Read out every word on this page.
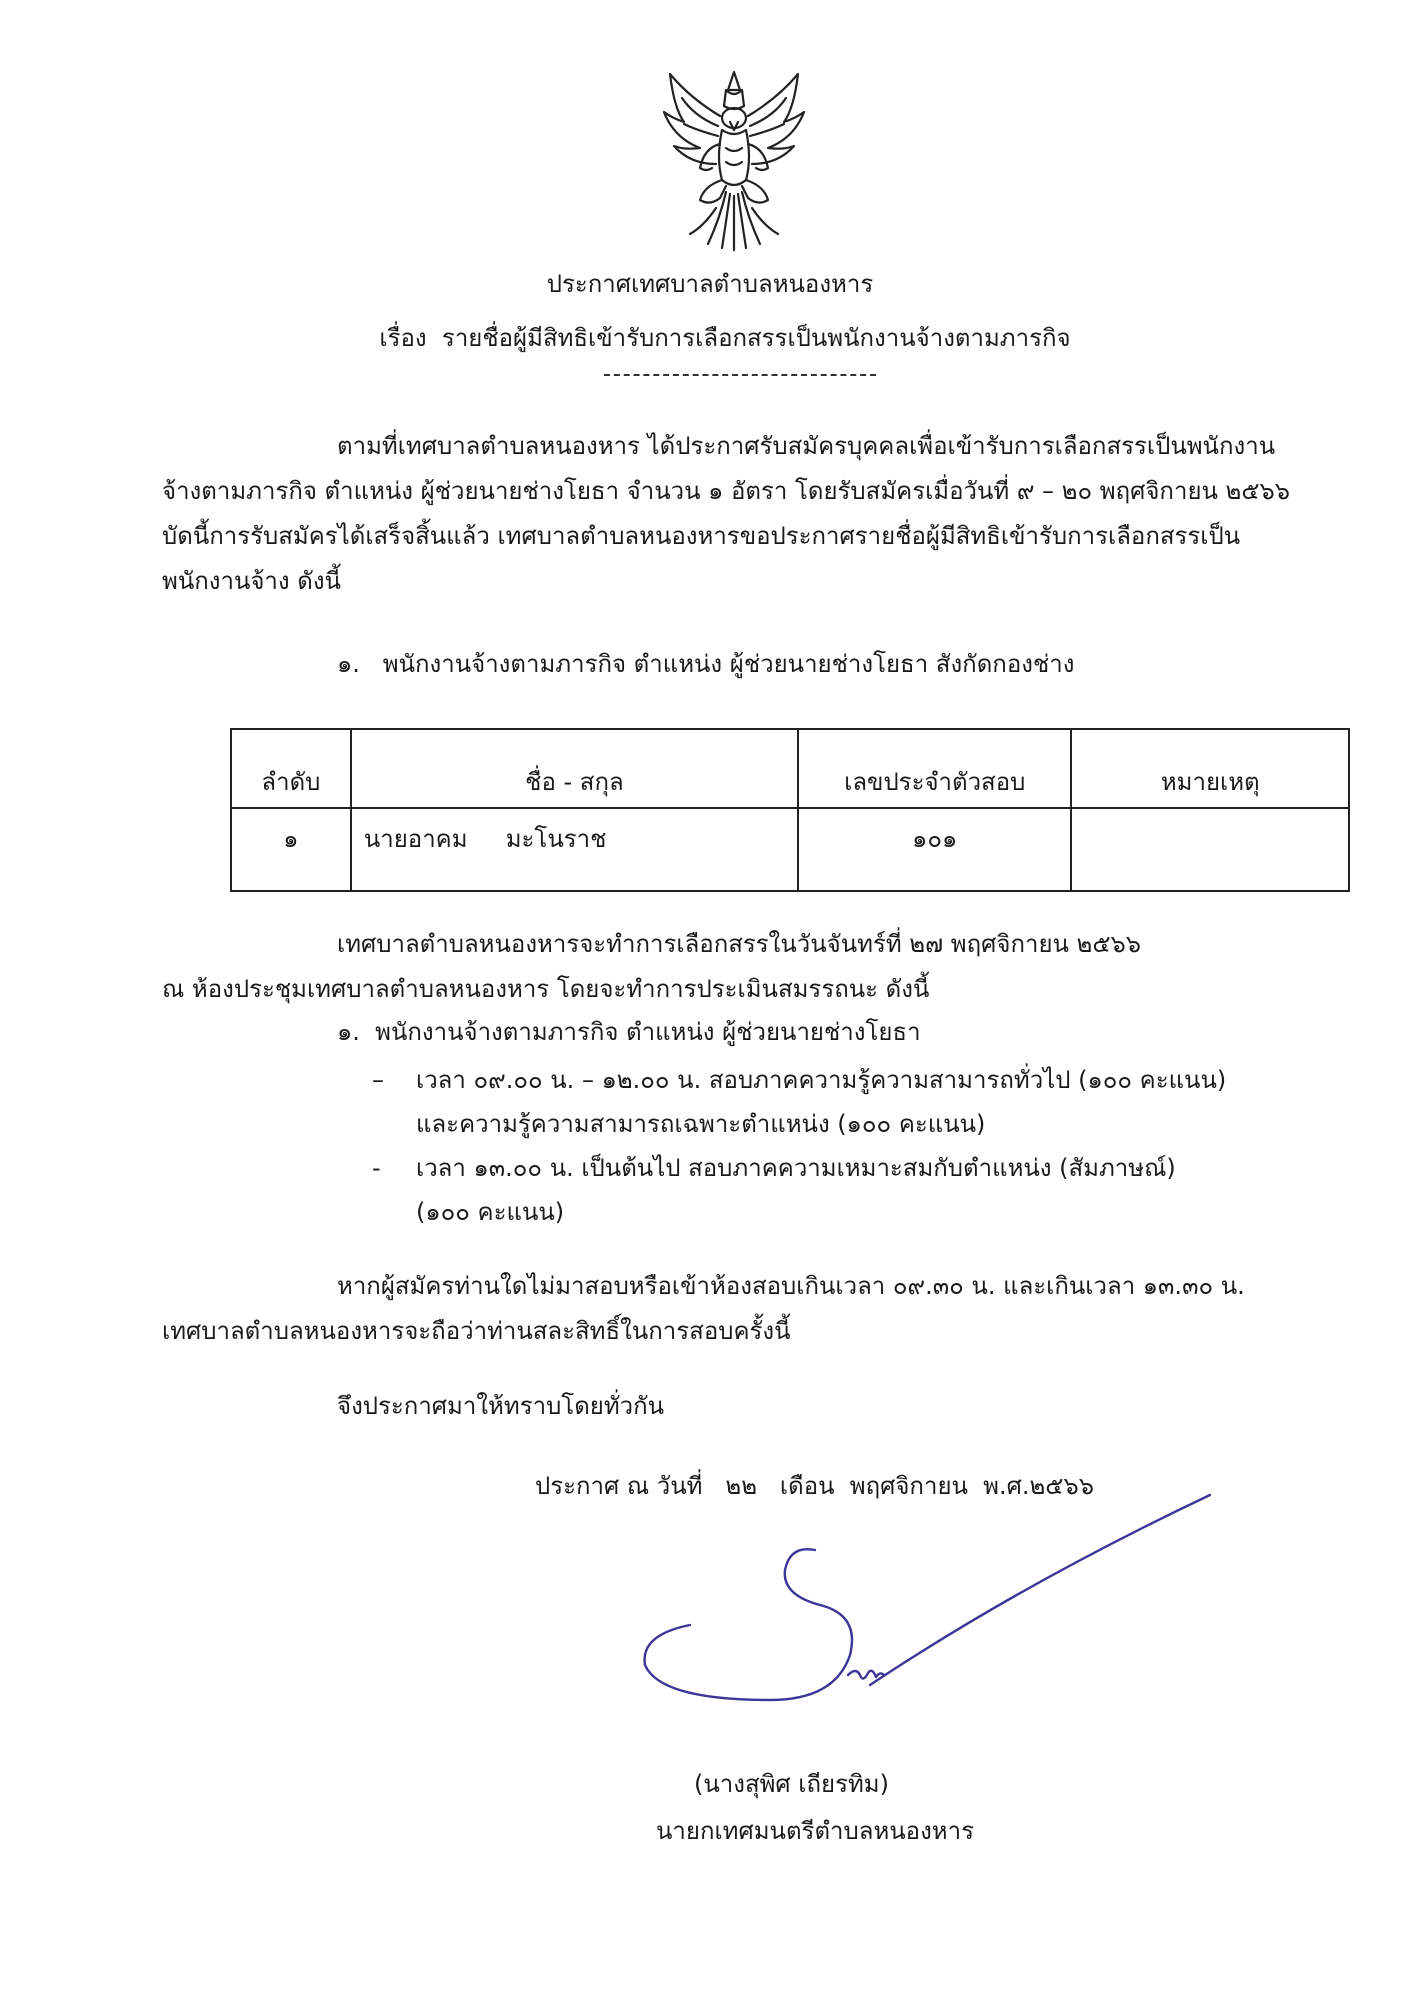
ประกาศเทศบาลตำบลหนองหาร
เรื่อง รายชื่อผู้มีสิทธิเข้ารับการเลือกสรรเป็นพนักงานจ้างตามภารกิจ

ตามที่เทศบาลตำบลหนองหาร ได้ประกาศรับสมัครบุคคลเพื่อเข้ารับการเลือกสรรเป็นพนักงาน

จ้างตามภารกิจ ตำแหน่ง ผู้ช่วยนายช่างโยธา จำนวน ๑ อัตรา โดยรับสมัครเมื่อวันที่ ๙ – ๒๐ พฤศจิกายน ๒๕๖๖

บัดนี้การรับสมัครได้เสร็จสิ้นแล้ว เทศบาลตำบลหนองหารขอประกาศรายชื่อผู้มีสิทธิเข้ารับการเลือกสรรเป็น

พนักงานจ้าง ดังนี้

๑. พนักงานจ้างตามภารกิจ ตำแหน่ง ผู้ช่วยนายช่างโยธา สังกัดกองช่าง
ลำดับ	ชื่อ - สกุล	เลขประจำตัวสอบ	หมายเหตุ
๑	นายอาคม มะโนราช	๑๐๑	

เทศบาลตำบลหนองหารจะทำการเลือกสรรในวันจันทร์ที่ ๒๗ พฤศจิกายน ๒๕๖๖

ณ ห้องประชุมเทศบาลตำบลหนองหาร โดยจะทำการประเมินสมรรถนะ ดังนี้

๑. พนักงานจ้างตามภารกิจ ตำแหน่ง ผู้ช่วยนายช่างโยธา
– เวลา ๐๙.๐๐ น. – ๑๒.๐๐ น. สอบภาคความรู้ความสามารถทั่วไป (๑๐๐ คะแนน)
และความรู้ความสามารถเฉพาะตำแหน่ง (๑๐๐ คะแนน)
- เวลา ๑๓.๐๐ น. เป็นต้นไป สอบภาคความเหมาะสมกับตำแหน่ง (สัมภาษณ์)
(๑๐๐ คะแนน)

หากผู้สมัครท่านใดไม่มาสอบหรือเข้าห้องสอบเกินเวลา ๐๙.๓๐ น. และเกินเวลา ๑๓.๓๐ น.

เทศบาลตำบลหนองหารจะถือว่าท่านสละสิทธิ์ในการสอบครั้งนี้

จึงประกาศมาให้ทราบโดยทั่วกัน
ประกาศ ณ วันที่ ๒๒ เดือน พฤศจิกายน พ.ศ.๒๕๖๖
(นางสุพิศ เถียรทิม)
นายกเทศมนตรีตำบลหนองหาร
